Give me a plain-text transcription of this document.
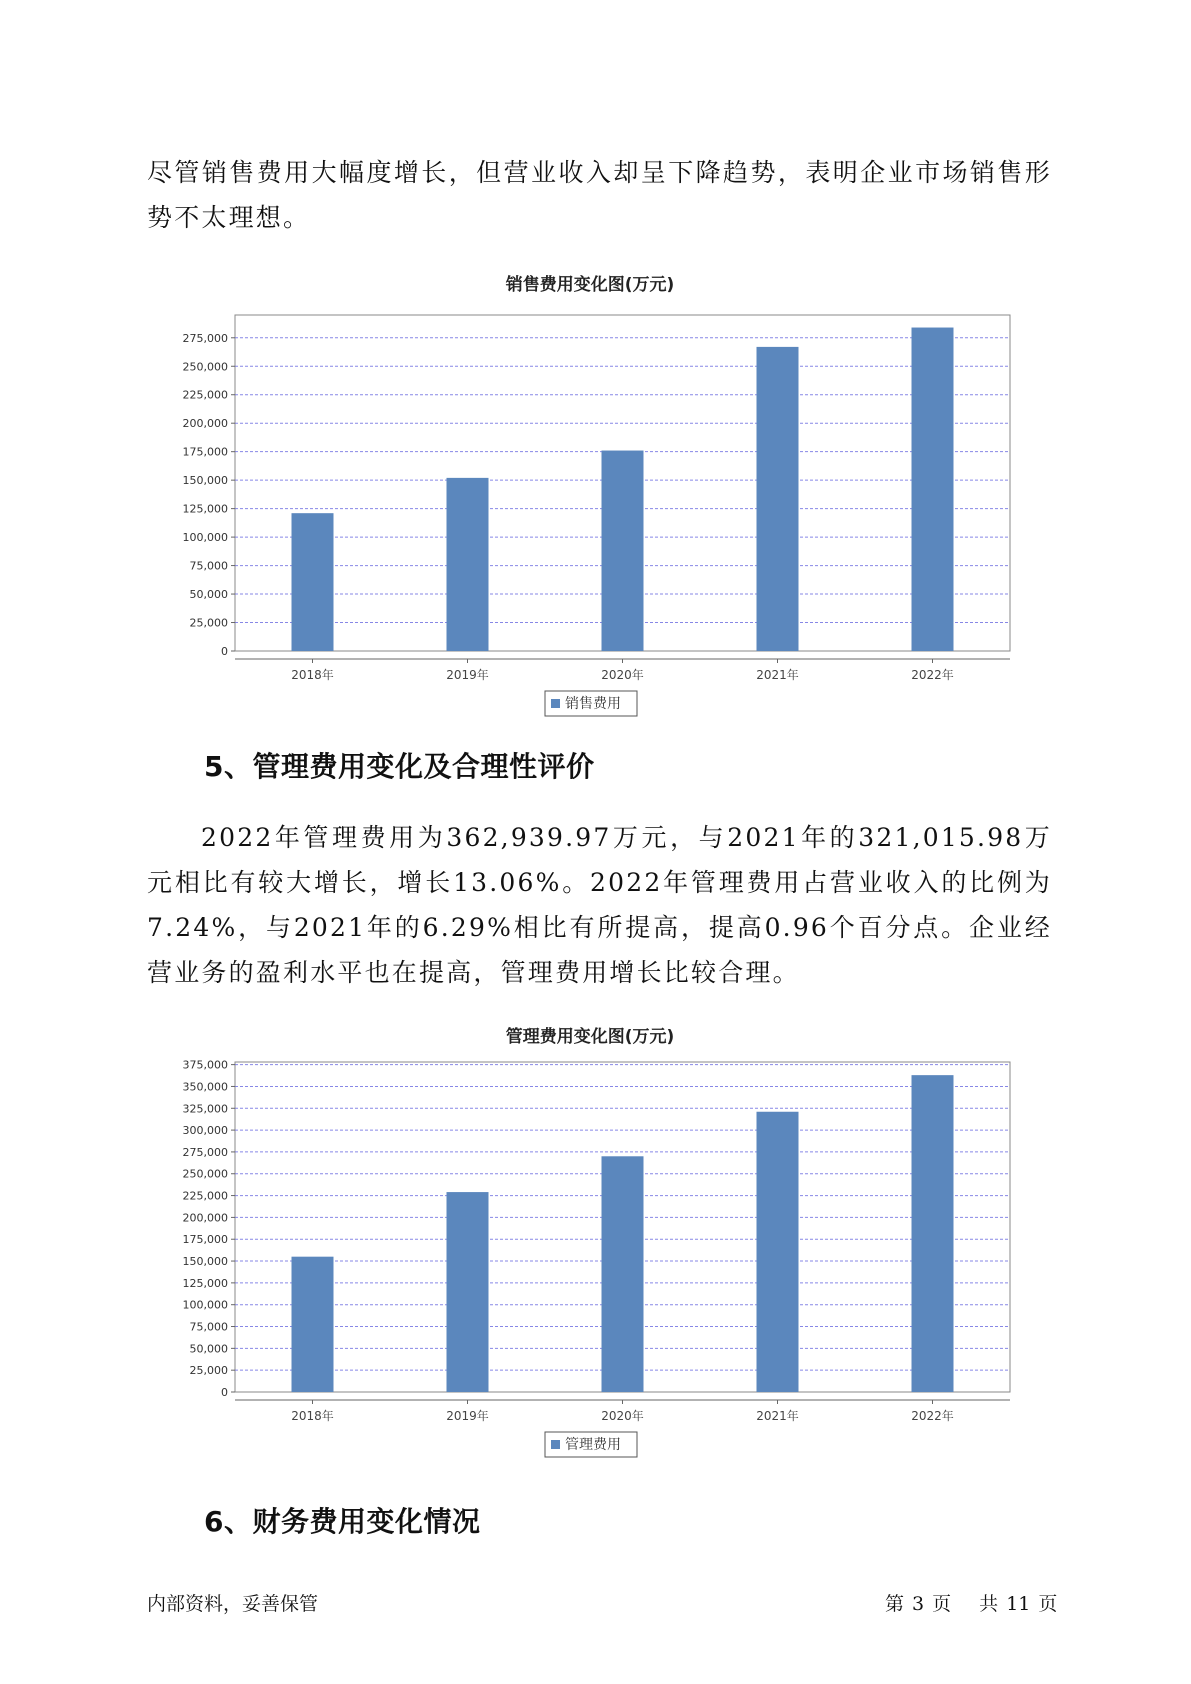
尽管销售费用大幅度增长，但营业收入却呈下降趋势，表明企业市场销售形势不太理想。

销售费用变化图(万元)
0
25,000
50,000
75,000
100,000
125,000
150,000
175,000
200,000
225,000
250,000
275,000
2018年	2019年	2020年	2021年	2022年
销售费用
5、管理费用变化及合理性评价

2022年管理费用为362,939.97万元，与2021年的321,015.98万元相比有较大增长，增长13.06%。2022年管理费用占营业收入的比例为7.24%，与2021年的6.29%相比有所提高，提高0.96个百分点。企业经营业务的盈利水平也在提高，管理费用增长比较合理。

管理费用变化图(万元)
0
25,000
50,000
75,000
100,000
125,000
150,000
175,000
200,000
225,000
250,000
275,000
300,000
325,000
350,000
375,000
2018年	2019年	2020年	2021年	2022年
管理费用
6、财务费用变化情况
内部资料，妥善保管	第 3 页 共 11 页
